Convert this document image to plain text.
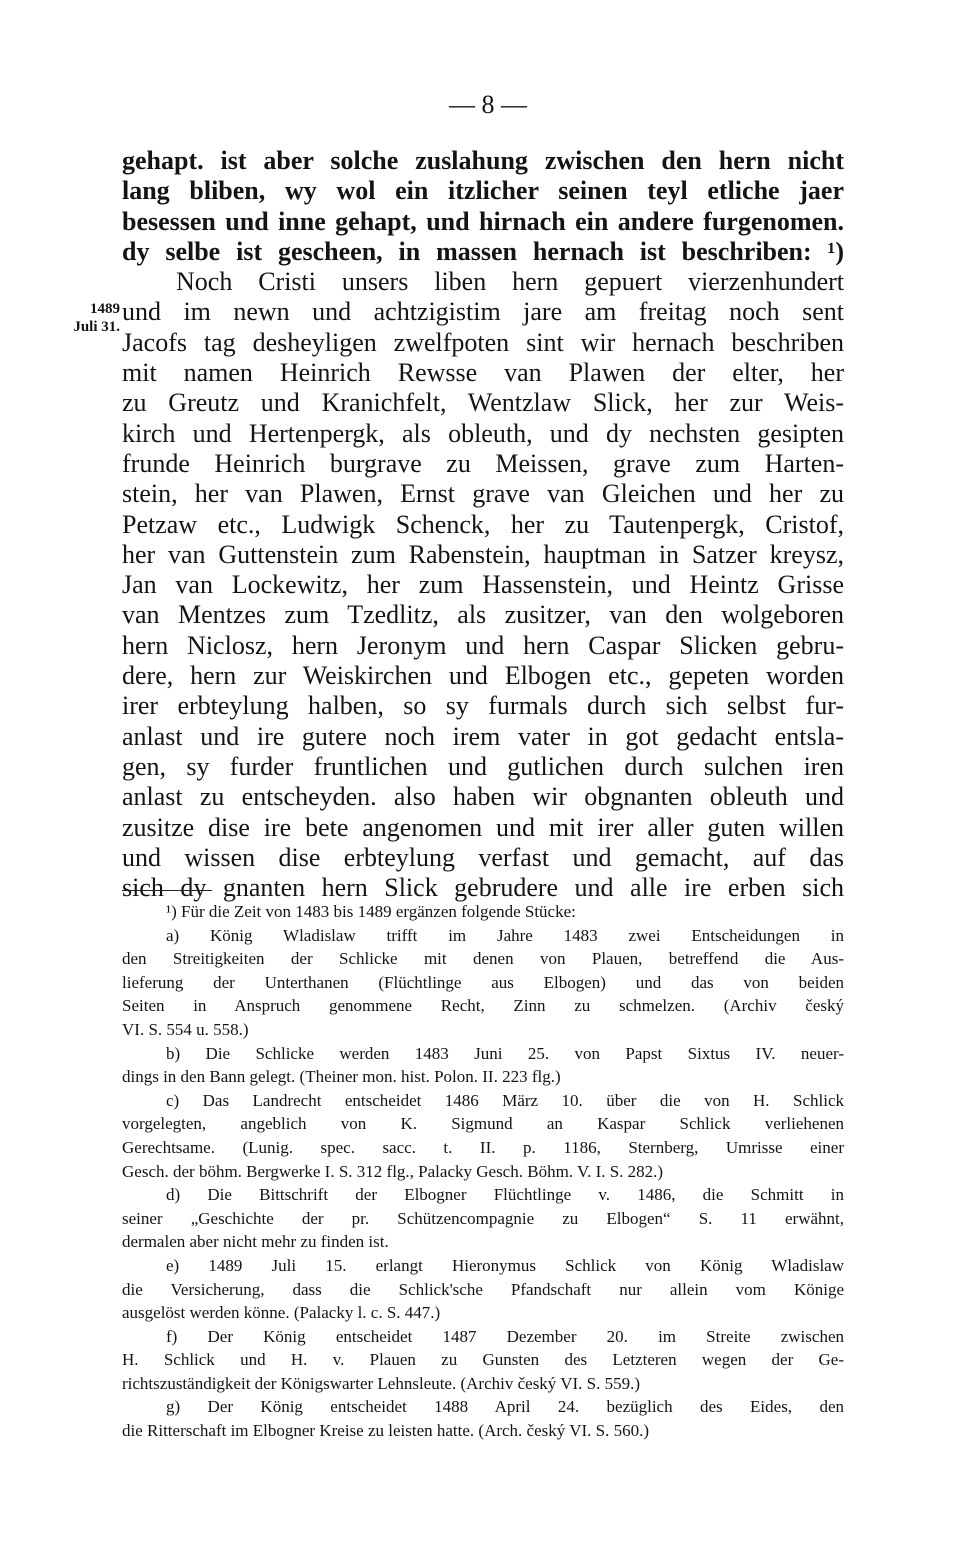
— 8 —
1489
Juli 31.
gehapt. ist aber solche zuslahung zwischen den hern nicht
lang bliben, wy wol ein itzlicher seinen teyl etliche jaer
besessen und inne gehapt, und hirnach ein andere furgenomen.
dy selbe ist gescheen, in massen hernach ist beschriben: ¹)
Noch Cristi unsers liben hern gepuert vierzenhundert
und im newn und achtzigistim jare am freitag noch sent
Jacofs tag desheyligen zwelfpoten sint wir hernach beschriben
mit namen Heinrich Rewsse van Plawen der elter, her
zu Greutz und Kranichfelt, Wentzlaw Slick, her zur Weis-
kirch und Hertenpergk, als obleuth, und dy nechsten gesipten
frunde Heinrich burgrave zu Meissen, grave zum Harten-
stein, her van Plawen, Ernst grave van Gleichen und her zu
Petzaw etc., Ludwigk Schenck, her zu Tautenpergk, Cristof,
her van Guttenstein zum Rabenstein, hauptman in Satzer kreysz,
Jan van Lockewitz, her zum Hassenstein, und Heintz Grisse
van Mentzes zum Tzedlitz, als zusitzer, van den wolgeboren
hern Niclosz, hern Jeronym und hern Caspar Slicken gebru-
dere, hern zur Weiskirchen und Elbogen etc., gepeten worden
irer erbteylung halben, so sy furmals durch sich selbst fur-
anlast und ire gutere noch irem vater in got gedacht entsla-
gen, sy furder fruntlichen und gutlichen durch sulchen iren
anlast zu entscheyden. also haben wir obgnanten obleuth und
zusitze dise ire bete angenomen und mit irer aller guten willen
und wissen dise erbteylung verfast und gemacht, auf das
sich dy gnanten hern Slick gebrudere und alle ire erben sich
¹) Für die Zeit von 1483 bis 1489 ergänzen folgende Stücke:
a) König Wladislaw trifft im Jahre 1483 zwei Entscheidungen in
den Streitigkeiten der Schlicke mit denen von Plauen, betreffend die Aus-
lieferung der Unterthanen (Flüchtlinge aus Elbogen) und das von beiden
Seiten in Anspruch genommene Recht, Zinn zu schmelzen. (Archiv český
VI. S. 554 u. 558.)
b) Die Schlicke werden 1483 Juni 25. von Papst Sixtus IV. neuer-
dings in den Bann gelegt. (Theiner mon. hist. Polon. II. 223 flg.)
c) Das Landrecht entscheidet 1486 März 10. über die von H. Schlick
vorgelegten, angeblich von K. Sigmund an Kaspar Schlick verliehenen
Gerechtsame. (Lunig. spec. sacc. t. II. p. 1186, Sternberg, Umrisse einer
Gesch. der böhm. Bergwerke I. S. 312 flg., Palacky Gesch. Böhm. V. I. S. 282.)
d) Die Bittschrift der Elbogner Flüchtlinge v. 1486, die Schmitt in
seiner „Geschichte der pr. Schützencompagnie zu Elbogen“ S. 11 erwähnt,
dermalen aber nicht mehr zu finden ist.
e) 1489 Juli 15. erlangt Hieronymus Schlick von König Wladislaw
die Versicherung, dass die Schlick'sche Pfandschaft nur allein vom Könige
ausgelöst werden könne. (Palacky l. c. S. 447.)
f) Der König entscheidet 1487 Dezember 20. im Streite zwischen
H. Schlick und H. v. Plauen zu Gunsten des Letzteren wegen der Ge-
richtszuständigkeit der Königswarter Lehnsleute. (Archiv český VI. S. 559.)
g) Der König entscheidet 1488 April 24. bezüglich des Eides, den
die Ritterschaft im Elbogner Kreise zu leisten hatte. (Arch. český VI. S. 560.)
